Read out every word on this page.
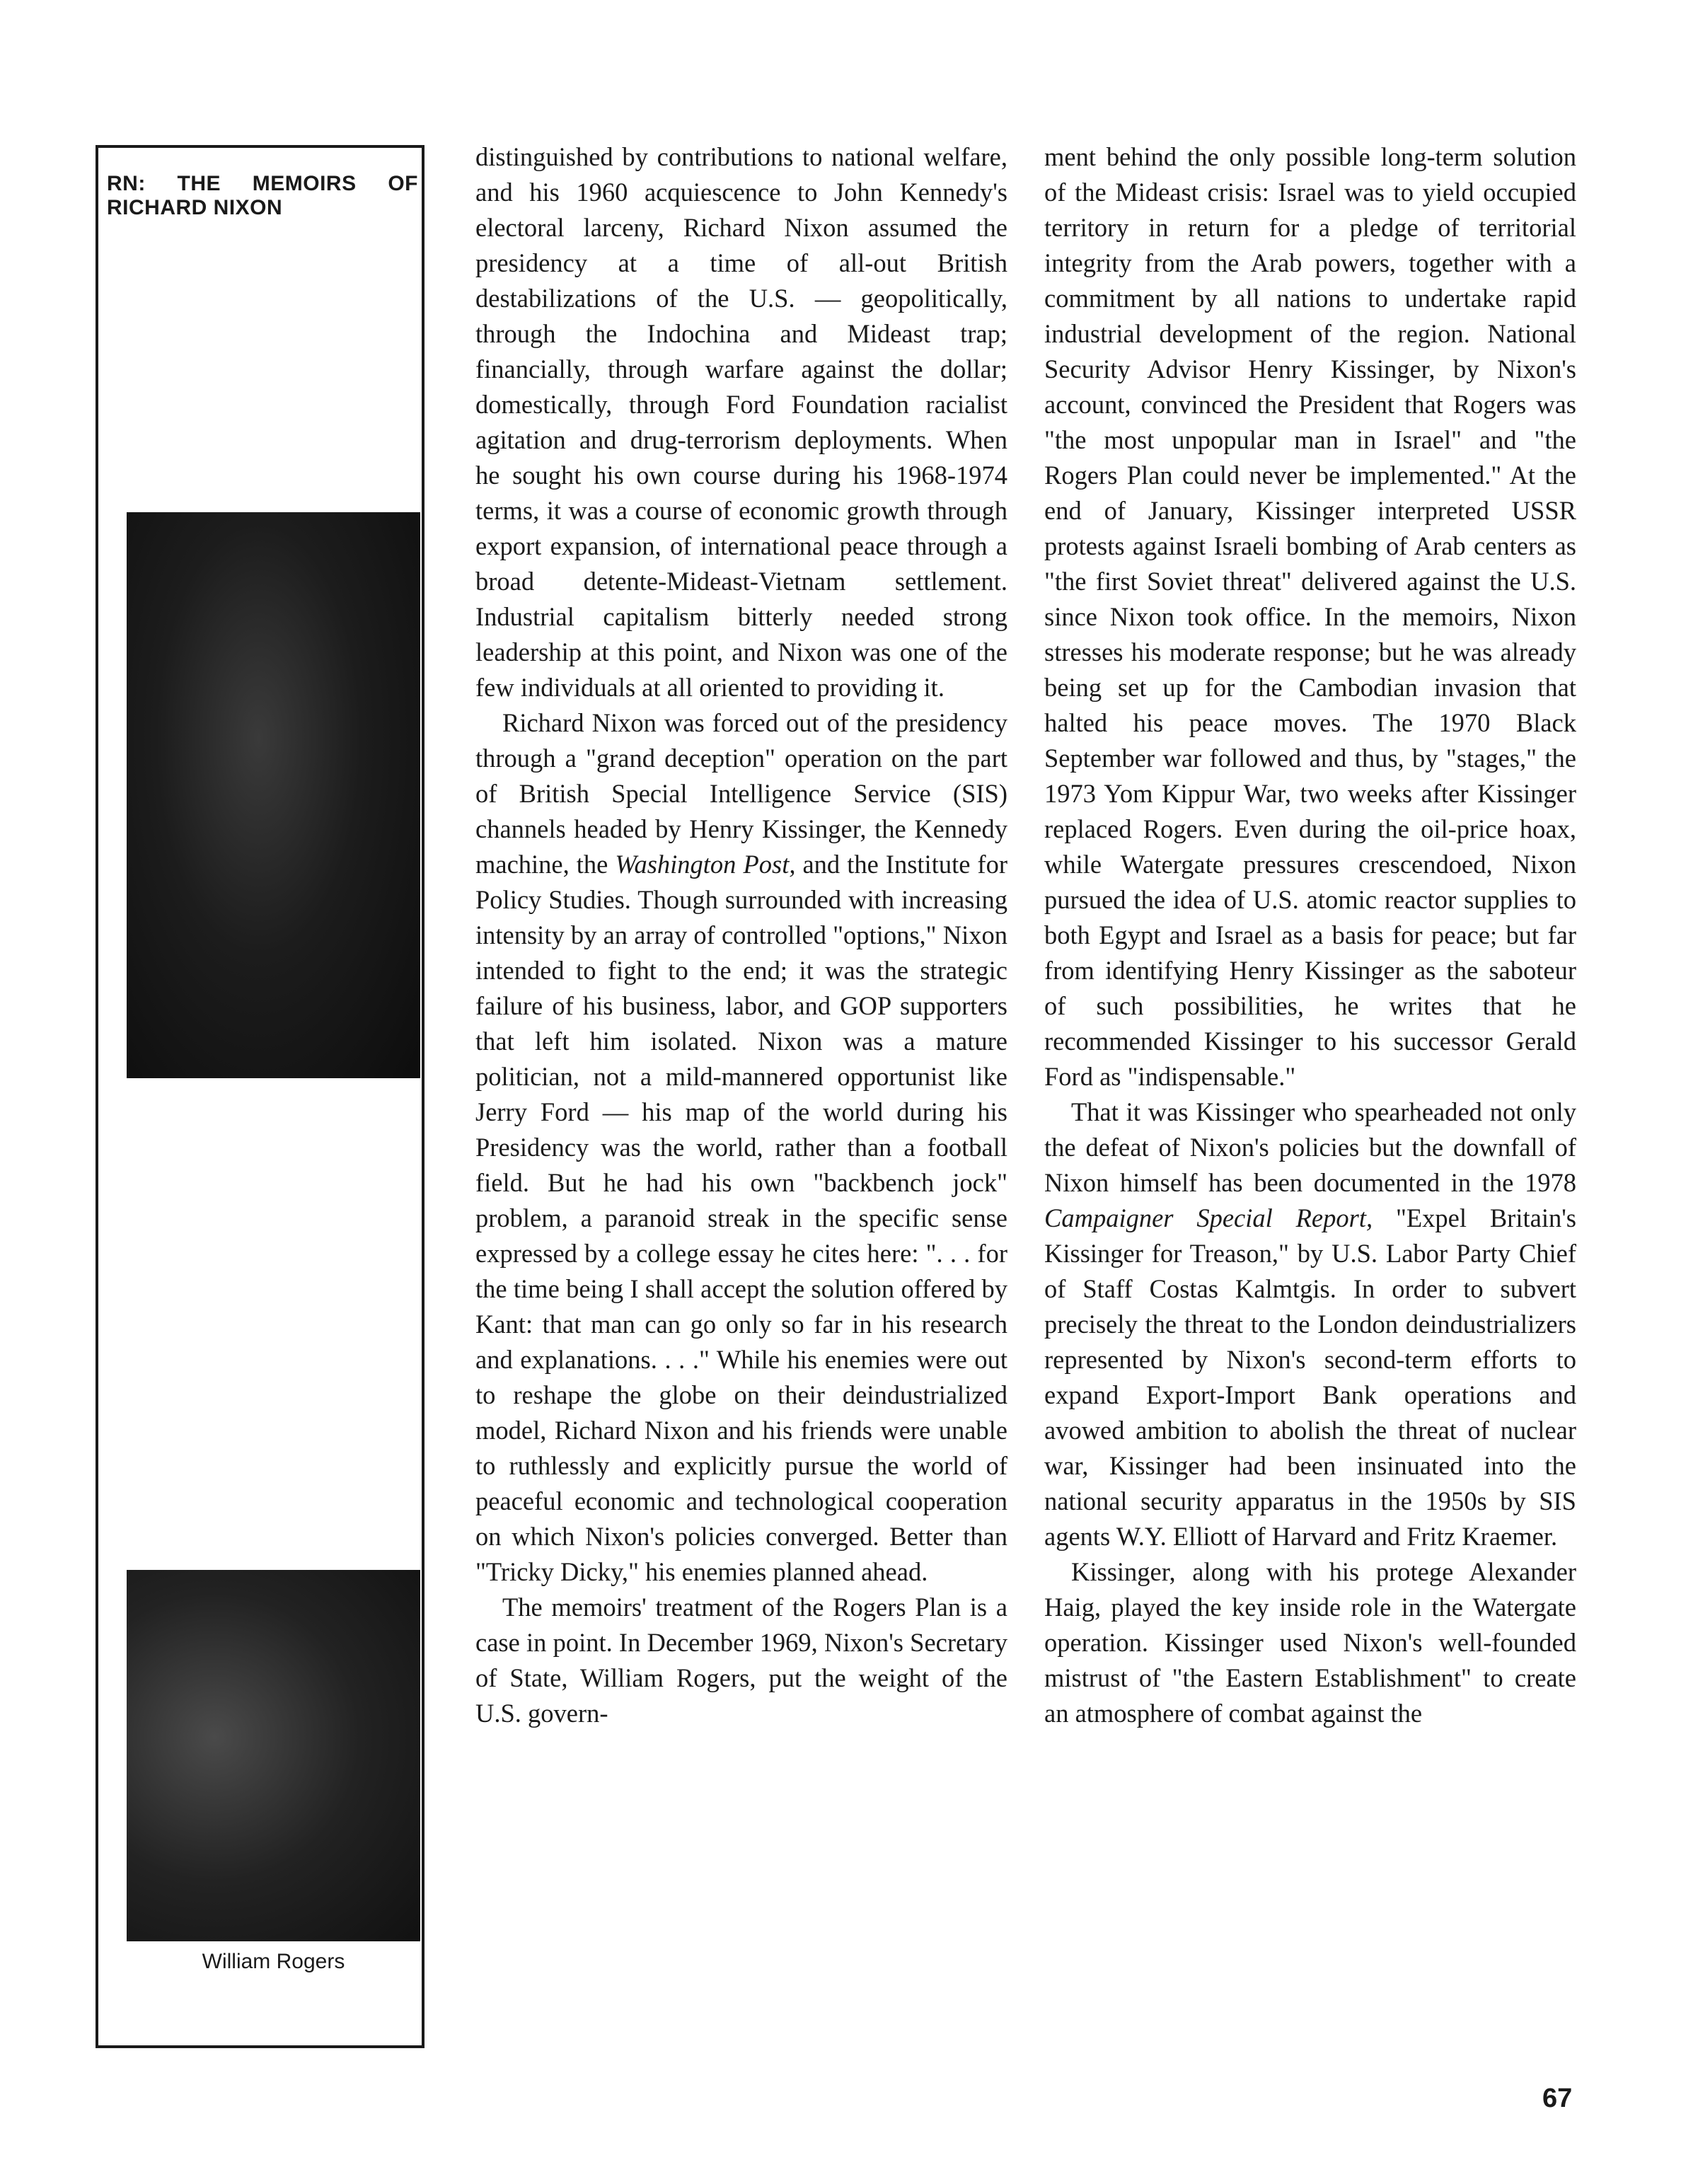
RN: THE MEMOIRS OF RICHARD NIXON

William Rogers

distinguished by contributions to national welfare, and his 1960 acquiescence to John Kennedy's electoral larceny, Richard Nixon assumed the presidency at a time of all-out British destabilizations of the U.S. — geopolitically, through the Indochina and Mideast trap; financially, through warfare against the dollar; domestically, through Ford Foundation racialist agitation and drug-terrorism deployments. When he sought his own course during his 1968-1974 terms, it was a course of economic growth through export expansion, of international peace through a broad detente-Mideast-Vietnam settlement. Industrial capitalism bitterly needed strong leadership at this point, and Nixon was one of the few individuals at all oriented to providing it.

Richard Nixon was forced out of the presidency through a "grand deception" operation on the part of British Special Intelligence Service (SIS) channels headed by Henry Kissinger, the Kennedy machine, the Washington Post, and the Institute for Policy Studies. Though surrounded with increasing intensity by an array of controlled "options," Nixon intended to fight to the end; it was the strategic failure of his business, labor, and GOP supporters that left him isolated. Nixon was a mature politician, not a mild-mannered opportunist like Jerry Ford — his map of the world during his Presidency was the world, rather than a football field. But he had his own "backbench jock" problem, a paranoid streak in the specific sense expressed by a college essay he cites here: ". . . for the time being I shall accept the solution offered by Kant: that man can go only so far in his research and explanations. . . ." While his enemies were out to reshape the globe on their deindustrialized model, Richard Nixon and his friends were unable to ruthlessly and explicitly pursue the world of peaceful economic and technological cooperation on which Nixon's policies converged. Better than "Tricky Dicky," his enemies planned ahead.

The memoirs' treatment of the Rogers Plan is a case in point. In December 1969, Nixon's Secretary of State, William Rogers, put the weight of the U.S. govern-

ment behind the only possible long-term solution of the Mideast crisis: Israel was to yield occupied territory in return for a pledge of territorial integrity from the Arab powers, together with a commitment by all nations to undertake rapid industrial development of the region. National Security Advisor Henry Kissinger, by Nixon's account, convinced the President that Rogers was "the most unpopular man in Israel" and "the Rogers Plan could never be implemented." At the end of January, Kissinger interpreted USSR protests against Israeli bombing of Arab centers as "the first Soviet threat" delivered against the U.S. since Nixon took office. In the memoirs, Nixon stresses his moderate response; but he was already being set up for the Cambodian invasion that halted his peace moves. The 1970 Black September war followed and thus, by "stages," the 1973 Yom Kippur War, two weeks after Kissinger replaced Rogers. Even during the oil-price hoax, while Watergate pressures crescendoed, Nixon pursued the idea of U.S. atomic reactor supplies to both Egypt and Israel as a basis for peace; but far from identifying Henry Kissinger as the saboteur of such possibilities, he writes that he recommended Kissinger to his successor Gerald Ford as "indispensable."

That it was Kissinger who spearheaded not only the defeat of Nixon's policies but the downfall of Nixon himself has been documented in the 1978 Campaigner Special Report, "Expel Britain's Kissinger for Treason," by U.S. Labor Party Chief of Staff Costas Kalmtgis. In order to subvert precisely the threat to the London deindustrializers represented by Nixon's second-term efforts to expand Export-Import Bank operations and avowed ambition to abolish the threat of nuclear war, Kissinger had been insinuated into the national security apparatus in the 1950s by SIS agents W.Y. Elliott of Harvard and Fritz Kraemer.

Kissinger, along with his protege Alexander Haig, played the key inside role in the Watergate operation. Kissinger used Nixon's well-founded mistrust of "the Eastern Establishment" to create an atmosphere of combat against the

67
